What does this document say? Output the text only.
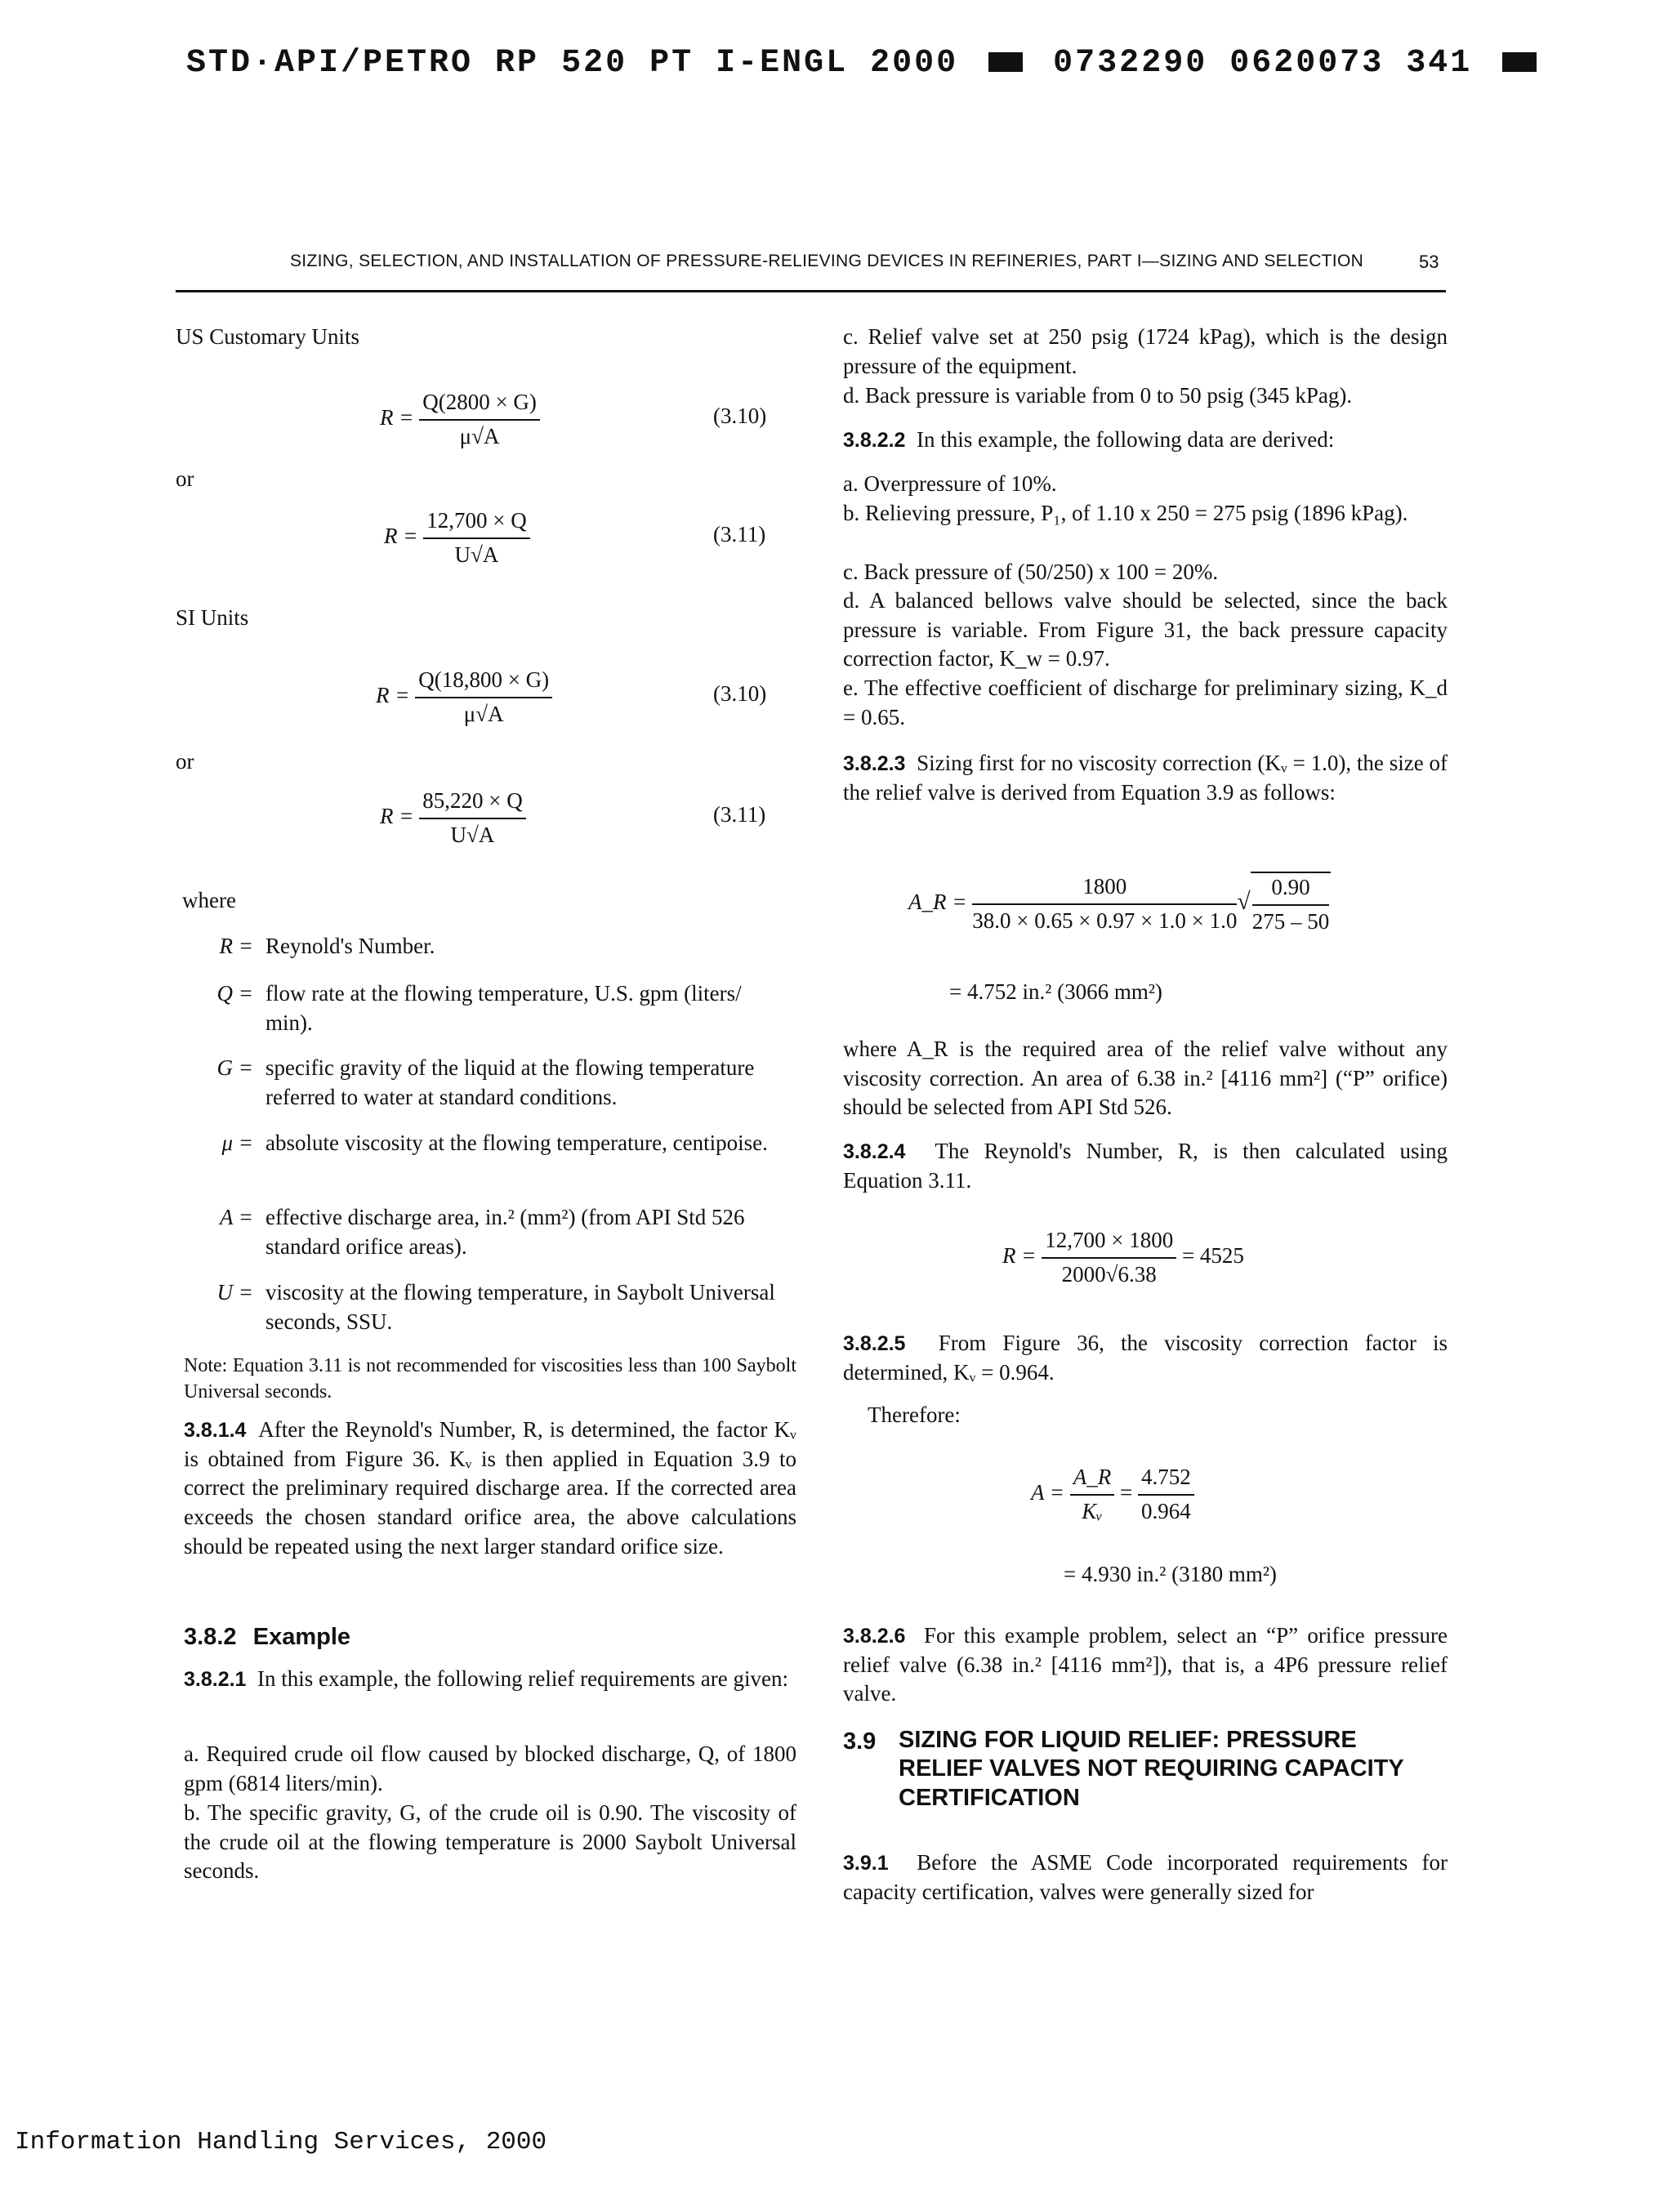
STD·API/PETRO RP 520 PT I-ENGL 2000	0732290 0620073 341
SIZING, SELECTION, AND INSTALLATION OF PRESSURE-RELIEVING DEVICES IN REFINERIES, PART I—SIZING AND SELECTION	53
US Customary Units
$R = \frac{Q(2800 \times G)}{\mu√A}$	(3.10)
or
$R = \frac{12,700 \times Q}{U√A}$	(3.11)
SI Units
$R = \frac{Q(18,800 \times G)}{\mu√A}$	(3.10)
or
$R = \frac{85,220 \times Q}{U√A}$	(3.11)
where
R = Reynold's Number.
Q = flow rate at the flowing temperature, U.S. gpm (liters/ min).
G = specific gravity of the liquid at the flowing temperature referred to water at standard conditions.
μ = absolute viscosity at the flowing temperature, centipoise.
A = effective discharge area, in.² (mm²) (from API Std 526 standard orifice areas).
U = viscosity at the flowing temperature, in Saybolt Universal seconds, SSU.
Note: Equation 3.11 is not recommended for viscosities less than 100 Saybolt Universal seconds.
3.8.1.4 After the Reynold's Number, R, is determined, the factor Kᵥ is obtained from Figure 36. Kᵥ is then applied in Equation 3.9 to correct the preliminary required discharge area. If the corrected area exceeds the chosen standard orifice area, the above calculations should be repeated using the next larger standard orifice size.
3.8.2 Example
3.8.2.1 In this example, the following relief requirements are given:
a. Required crude oil flow caused by blocked discharge, Q, of 1800 gpm (6814 liters/min).
b. The specific gravity, G, of the crude oil is 0.90. The viscosity of the crude oil at the flowing temperature is 2000 Saybolt Universal seconds.
c. Relief valve set at 250 psig (1724 kPag), which is the design pressure of the equipment.
d. Back pressure is variable from 0 to 50 psig (345 kPag).
3.8.2.2 In this example, the following data are derived:
a. Overpressure of 10%.
b. Relieving pressure, P₁, of 1.10 x 250 = 275 psig (1896 kPag).
c. Back pressure of (50/250) x 100 = 20%.
d. A balanced bellows valve should be selected, since the back pressure is variable. From Figure 31, the back pressure capacity correction factor, K_w = 0.97.
e. The effective coefficient of discharge for preliminary sizing, K_d = 0.65.
3.8.2.3 Sizing first for no viscosity correction (Kᵥ = 1.0), the size of the relief valve is derived from Equation 3.9 as follows:
A_R = $\frac{1800}{38.0 \times 0.65 \times 0.97 \times 1.0 \times 1.0}$ √ $\frac{0.90}{275 - 50}$
= 4.752 in.² (3066 mm²)
where A_R is the required area of the relief valve without any viscosity correction. An area of 6.38 in.² [4116 mm²] (“P” orifice) should be selected from API Std 526.
3.8.2.4 The Reynold's Number, R, is then calculated using Equation 3.11.
$R = \frac{12,700 \times 1800}{2000√6.38} = 4525$
3.8.2.5 From Figure 36, the viscosity correction factor is determined, Kᵥ = 0.964.
Therefore:
$A = \frac{A\_R}{\text{Kᵥ}} = \frac{4.752}{0.964}$
= 4.930 in.² (3180 mm²)
3.8.2.6 For this example problem, select an “P” orifice pressure relief valve (6.38 in.² [4116 mm²]), that is, a 4P6 pressure relief valve.
3.9 SIZING FOR LIQUID RELIEF: PRESSURE RELIEF VALVES NOT REQUIRING CAPACITY CERTIFICATION
3.9.1 Before the ASME Code incorporated requirements for capacity certification, valves were generally sized for
Information Handling Services, 2000
